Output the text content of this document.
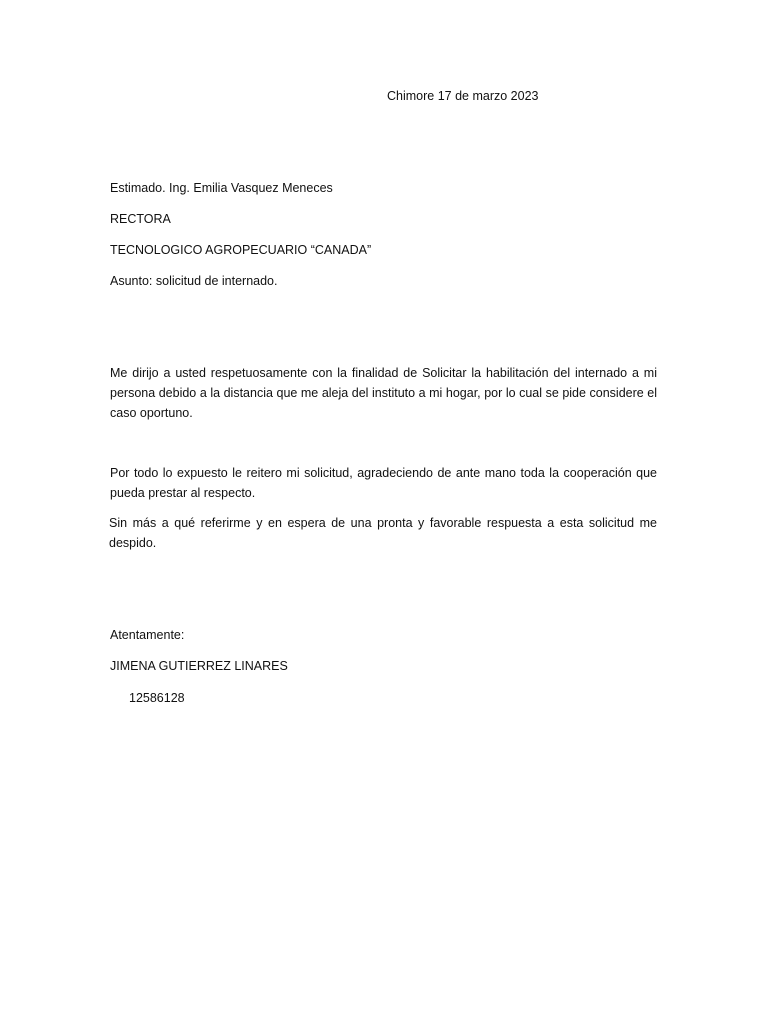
Chimore 17 de marzo 2023
Estimado. Ing. Emilia Vasquez Meneces
RECTORA
TECNOLOGICO AGROPECUARIO “CANADA”
Asunto: solicitud de internado.
Me dirijo a usted respetuosamente con la finalidad de Solicitar la habilitación del internado a mi persona debido a la distancia que me aleja del instituto a mi hogar, por lo cual se pide considere el caso oportuno.
Por todo lo expuesto le reitero mi solicitud, agradeciendo de ante mano toda la cooperación que pueda prestar al respecto.
Sin más a qué referirme y en espera de una pronta y favorable respuesta a esta solicitud me despido.
Atentamente:
JIMENA GUTIERREZ LINARES
12586128
